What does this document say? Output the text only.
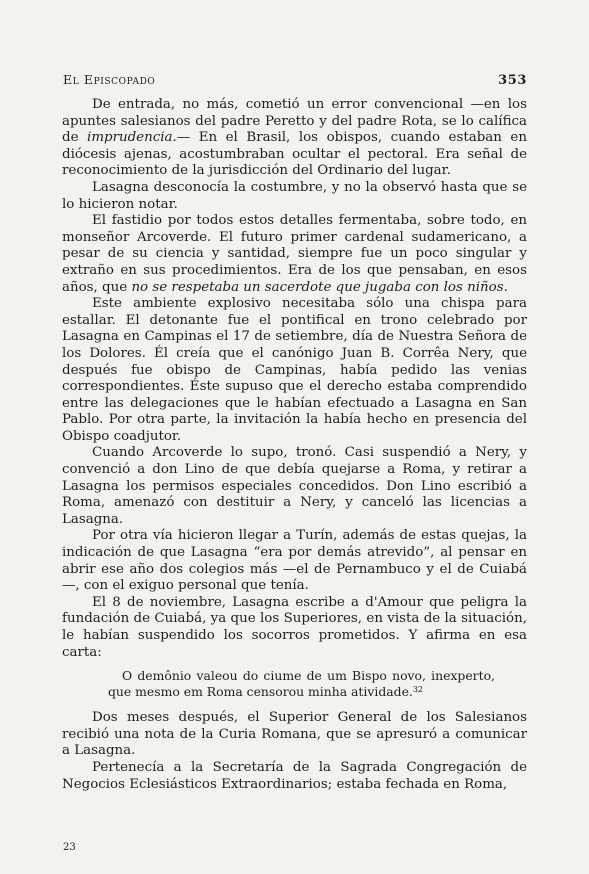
El Episcopado	353

De entrada, no más, cometió un error convencional —en los apuntes salesianos del padre Peretto y del padre Rota, se lo calífica de imprudencia.— En el Brasil, los obispos, cuando estaban en diócesis ajenas, acostumbraban ocultar el pectoral. Era señal de reconocimiento de la jurisdicción del Ordinario del lugar.

Lasagna desconocía la costumbre, y no la observó hasta que se lo hicieron notar.

El fastidio por todos estos detalles fermentaba, sobre todo, en monseñor Arcoverde. El futuro primer cardenal sudamericano, a pesar de su ciencia y santidad, siempre fue un poco singular y extraño en sus procedimientos. Era de los que pensaban, en esos años, que no se respetaba un sacerdote que jugaba con los niños.

Este ambiente explosivo necesitaba sólo una chispa para estallar. El detonante fue el pontifical en trono celebrado por Lasagna en Campinas el 17 de setiembre, día de Nuestra Señora de los Dolores. Él creía que el canónigo Juan B. Corrêa Nery, que después fue obispo de Campinas, había pedido las venias correspondientes. Éste supuso que el derecho estaba comprendido entre las delegaciones que le habían efectuado a Lasagna en San Pablo. Por otra parte, la invitación la había hecho en presencia del Obispo coadjutor.

Cuando Arcoverde lo supo, tronó. Casi suspendió a Nery, y convenció a don Lino de que debía quejarse a Roma, y retirar a Lasagna los permisos especiales concedidos. Don Lino escribió a Roma, amenazó con destituir a Nery, y canceló las licencias a Lasagna.

Por otra vía hicieron llegar a Turín, además de estas quejas, la indicación de que Lasagna “era por demás atrevido”, al pensar en abrir ese año dos colegios más —el de Pernambuco y el de Cuiabá—, con el exiguo personal que tenía.

El 8 de noviembre, Lasagna escribe a d'Amour que peligra la fundación de Cuiabá, ya que los Superiores, en vista de la situación, le habían suspendido los socorros prometidos. Y afirma en esa carta:

O demônio valeou do ciume de um Bispo novo, inexperto, que mesmo em Roma censorou minha atividade.$^{32}$

Dos meses después, el Superior General de los Salesianos recibió una nota de la Curia Romana, que se apresuró a comunicar a Lasagna.

Pertenecía a la Secretaría de la Sagrada Congregación de Negocios Eclesiásticos Extraordinarios; estaba fechada en Roma,

23
